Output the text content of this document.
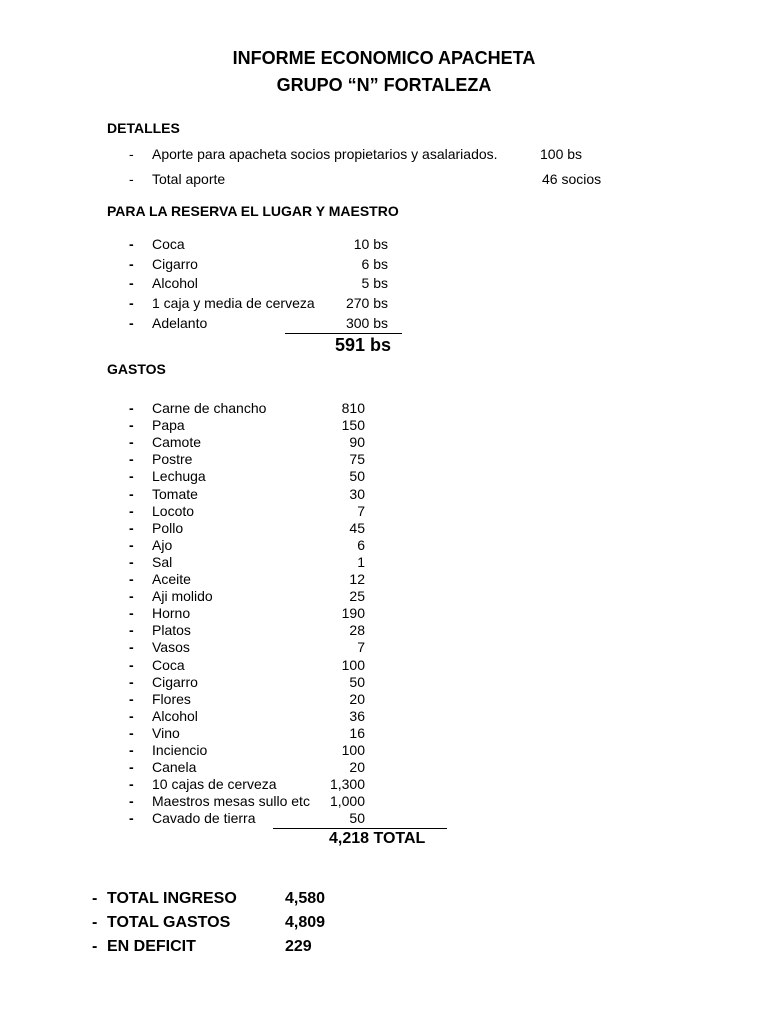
INFORME ECONOMICO APACHETA
GRUPO “N” FORTALEZA
DETALLES
- Aporte para apacheta socios propietarios y asalariados.	100 bs
- Total aporte	46 socios
PARA LA RESERVA EL LUGAR Y MAESTRO
- Coca	10 bs
- Cigarro	6 bs
- Alcohol	5 bs
- 1 caja y media de cerveza	270 bs
- Adelanto	300 bs
591 bs
GASTOS
- Carne de chancho	810
- Papa	150
- Camote	90
- Postre	75
- Lechuga	50
- Tomate	30
- Locoto	7
- Pollo	45
- Ajo	6
- Sal	1
- Aceite	12
- Aji molido	25
- Horno	190
- Platos	28
- Vasos	7
- Coca	100
- Cigarro	50
- Flores	20
- Alcohol	36
- Vino	16
- Inciencio	100
- Canela	20
- 10 cajas de cerveza	1,300
- Maestros mesas sullo etc	1,000
- Cavado de tierra	50
4,218 TOTAL
- TOTAL INGRESO	4,580
- TOTAL GASTOS	4,809
- EN DEFICIT	229
